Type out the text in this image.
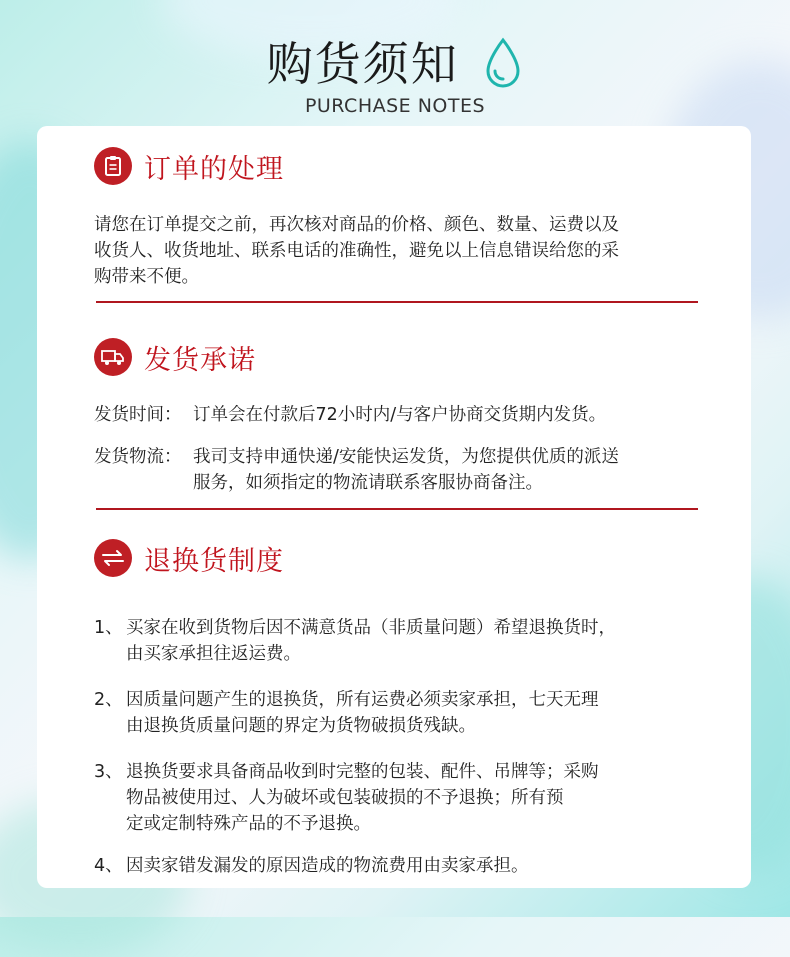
购货须知
PURCHASE NOTES
订单的处理
请您在订单提交之前，再次核对商品的价格、颜色、数量、运费以及
收货人、收货地址、联系电话的准确性，避免以上信息错误给您的采
购带来不便。
发货承诺
发货时间： 订单会在付款后72小时内/与客户协商交货期内发货。
发货物流： 我司支持申通快递/安能快运发货，为您提供优质的派送
服务，如须指定的物流请联系客服协商备注。
退换货制度
1、 买家在收到货物后因不满意货品（非质量问题）希望退换货时，
由买家承担往返运费。
2、 因质量问题产生的退换货，所有运费必须卖家承担，七天无理
由退换货质量问题的界定为货物破损货残缺。
3、 退换货要求具备商品收到时完整的包装、配件、吊牌等；采购
物品被使用过、人为破坏或包装破损的不予退换；所有预
定或定制特殊产品的不予退换。
4、 因卖家错发漏发的原因造成的物流费用由卖家承担。
